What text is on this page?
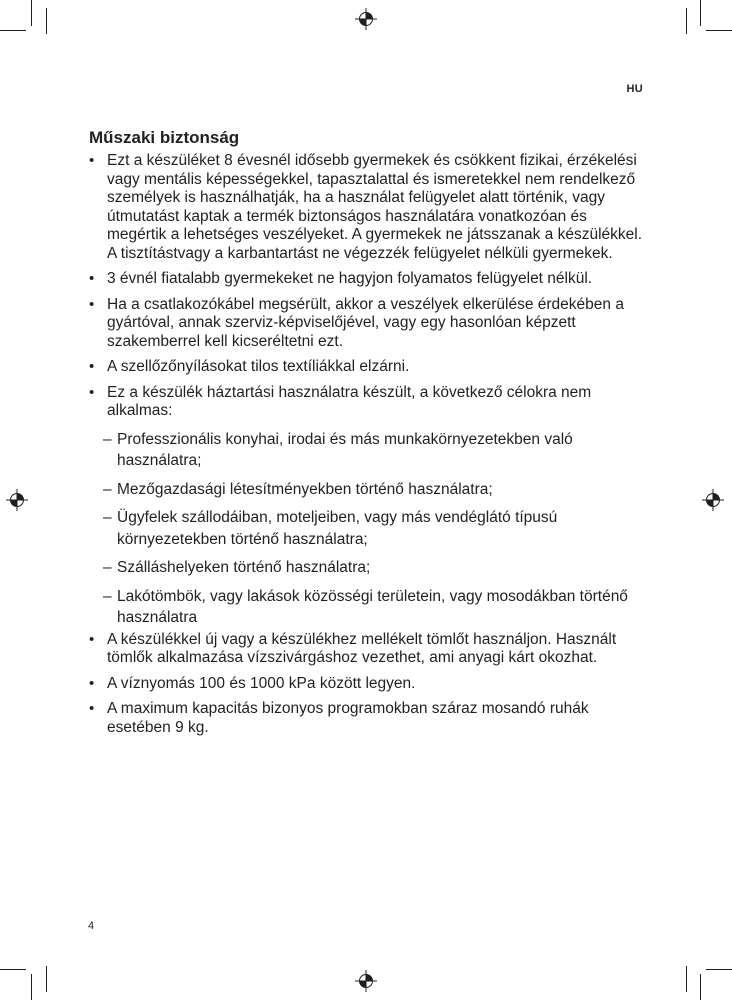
HU
Műszaki biztonság
• Ezt a készüléket 8 évesnél idősebb gyermekek és csökkent fizikai, érzékelési vagy mentális képességekkel, tapasztalattal és ismeretekkel nem rendelkező személyek is használhatják, ha a használat felügyelet alatt történik, vagy útmutatást kaptak a termék biztonságos használatára vonatkozóan és megértik a lehetséges veszélyeket. A gyermekek ne játsszanak a készülékkel. A tisztítástvagy a karbantartást ne végezzék felügyelet nélküli gyermekek.
• 3 évnél fiatalabb gyermekeket ne hagyjon folyamatos felügyelet nélkül.
• Ha a csatlakozókábel megsérült, akkor a veszélyek elkerülése érdekében a gyártóval, annak szerviz-képviselőjével, vagy egy hasonlóan képzett szakemberrel kell kicseréltetni ezt.
• A szellőzőnyílásokat tilos textíliákkal elzárni.
• Ez a készülék háztartási használatra készült, a következő célokra nem alkalmas:
– Professzionális konyhai, irodai és más munkakörnyezetekben való használatra;
– Mezőgazdasági létesítményekben történő használatra;
– Ügyfelek szállodáiban, moteljeiben, vagy más vendéglátó típusú környezetekben történő használatra;
– Szálláshelyeken történő használatra;
– Lakótömbök, vagy lakások közösségi területein, vagy mosodákban történő használatra
• A készülékkel új vagy a készülékhez mellékelt tömlőt használjon. Használt tömlők alkalmazása vízszivárgáshoz vezethet, ami anyagi kárt okozhat.
• A víznyomás 100 és 1000 kPa között legyen.
• A maximum kapacitás bizonyos programokban száraz mosandó ruhák esetében 9 kg.
4
